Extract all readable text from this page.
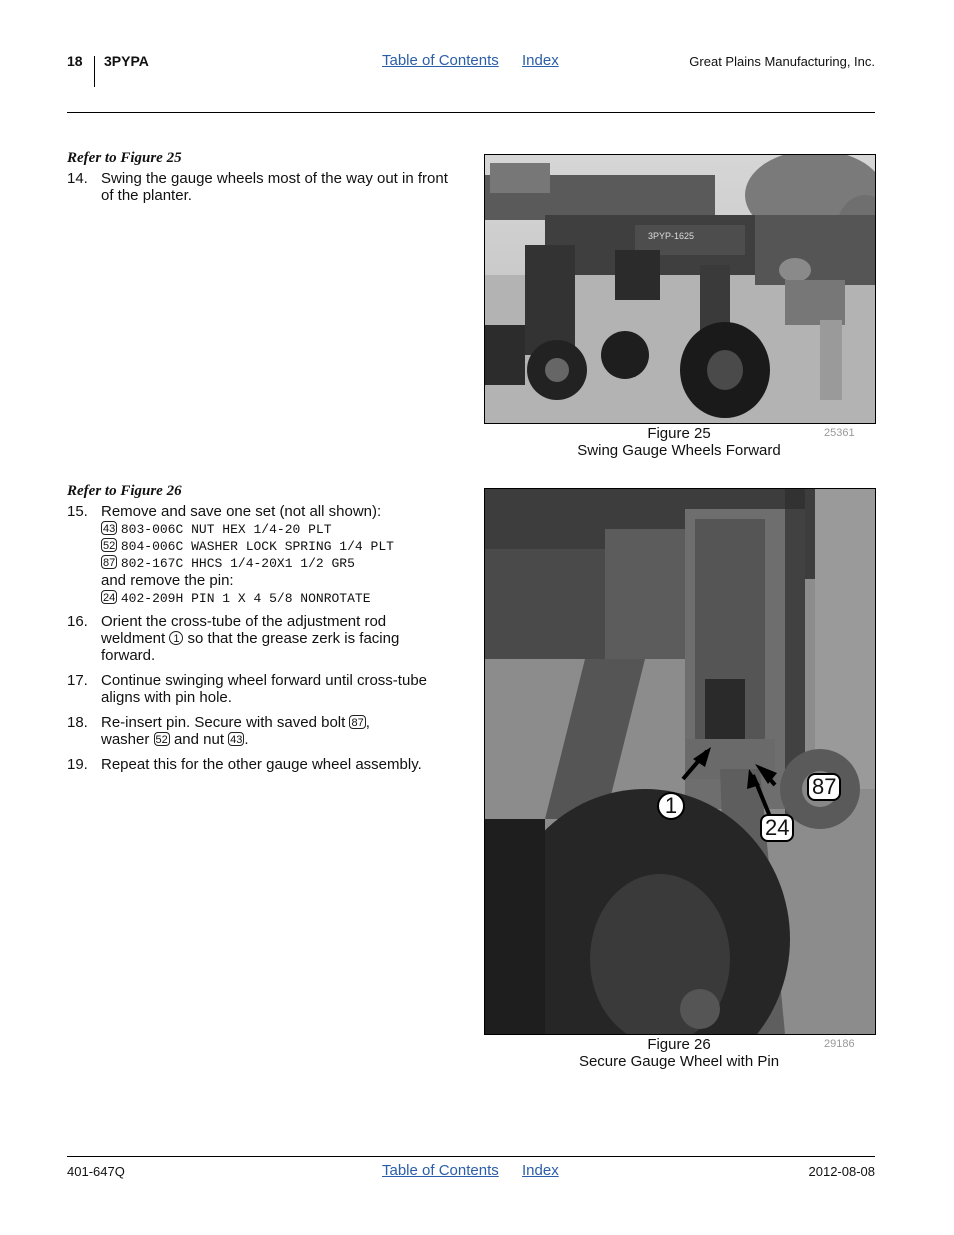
18 3PYPA	Table of Contents Index	Great Plains Manufacturing, Inc.
Refer to Figure 25
14. Swing the gauge wheels most of the way out in front of the planter.
3PYP-1625
Figure 25
Swing Gauge Wheels Forward
25361
Refer to Figure 26
15. Remove and save one set (not all shown):
43 803-006C NUT HEX 1/4-20 PLT
52 804-006C WASHER LOCK SPRING 1/4 PLT
87 802-167C HHCS 1/4-20X1 1/2 GR5
and remove the pin:
24 402-209H PIN 1 X 4 5/8 NONROTATE
16. Orient the cross-tube of the adjustment rod weldment 1 so that the grease zerk is facing forward.
17. Continue swinging wheel forward until cross-tube aligns with pin hole.
18. Re-insert pin. Secure with saved bolt 87 , washer 52 and nut 43 .
19. Repeat this for the other gauge wheel assembly.
1
24
87
Figure 26
Secure Gauge Wheel with Pin
29186
401-647Q	Table of Contents Index	2012-08-08
